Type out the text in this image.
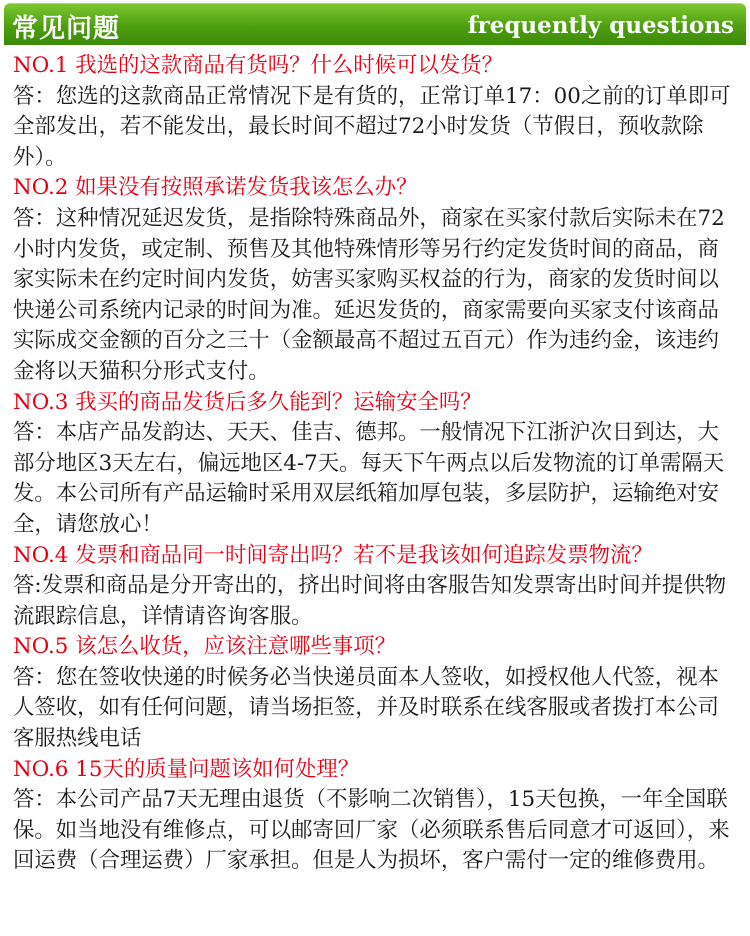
常见问题	frequently questions

NO.1 我选的这款商品有货吗？什么时候可以发货？

答：您选的这款商品正常情况下是有货的，正常订单17：00之前的订单即可全部发出，若不能发出，最长时间不超过72小时发货（节假日，预收款除外）。

NO.2 如果没有按照承诺发货我该怎么办？

答：这种情况延迟发货，是指除特殊商品外，商家在买家付款后实际未在72小时内发货，或定制、预售及其他特殊情形等另行约定发货时间的商品，商家实际未在约定时间内发货，妨害买家购买权益的行为，商家的发货时间以快递公司系统内记录的时间为准。延迟发货的，商家需要向买家支付该商品实际成交金额的百分之三十（金额最高不超过五百元）作为违约金，该违约金将以天猫积分形式支付。

NO.3 我买的商品发货后多久能到？运输安全吗？

答：本店产品发韵达、天天、佳吉、德邦。一般情况下江浙沪次日到达，大部分地区3天左右，偏远地区4-7天。每天下午两点以后发物流的订单需隔天发。本公司所有产品运输时采用双层纸箱加厚包装，多层防护，运输绝对安全，请您放心！

NO.4 发票和商品同一时间寄出吗？若不是我该如何追踪发票物流？

答:发票和商品是分开寄出的，挤出时间将由客服告知发票寄出时间并提供物流跟踪信息，详情请咨询客服。

NO.5 该怎么收货，应该注意哪些事项？

答：您在签收快递的时候务必当快递员面本人签收，如授权他人代签，视本人签收，如有任何问题，请当场拒签，并及时联系在线客服或者拨打本公司客服热线电话

NO.6 15天的质量问题该如何处理？

答：本公司产品7天无理由退货（不影响二次销售），15天包换，一年全国联保。如当地没有维修点，可以邮寄回厂家（必须联系售后同意才可返回），来回运费（合理运费）厂家承担。但是人为损坏，客户需付一定的维修费用。
